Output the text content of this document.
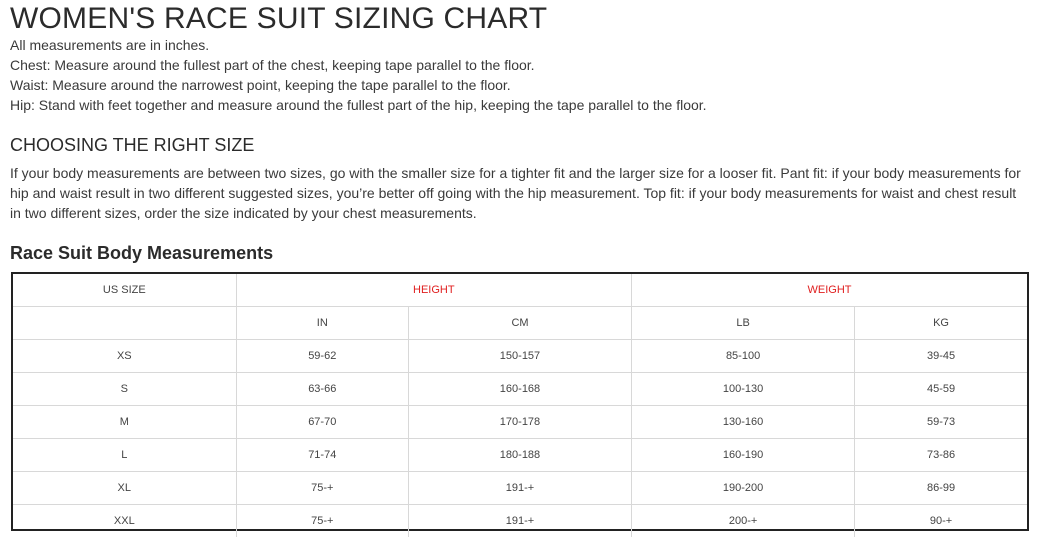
WOMEN'S RACE SUIT SIZING CHART
All measurements are in inches.
Chest: Measure around the fullest part of the chest, keeping tape parallel to the floor.
Waist: Measure around the narrowest point, keeping the tape parallel to the floor.
Hip: Stand with feet together and measure around the fullest part of the hip, keeping the tape parallel to the floor.
CHOOSING THE RIGHT SIZE

If your body measurements are between two sizes, go with the smaller size for a tighter fit and the larger size for a looser fit. Pant fit: if your body measurements for hip and waist result in two different suggested sizes, you’re better off going with the hip measurement. Top fit: if your body measurements for waist and chest result in two different sizes, order the size indicated by your chest measurements.

Race Suit Body Measurements
US SIZE	HEIGHT		WEIGHT	
	IN	CM	LB	KG
XS	59-62	150-157	85-100	39-45
S	63-66	160-168	100-130	45-59
M	67-70	170-178	130-160	59-73
L	71-74	180-188	160-190	73-86
XL	75-+	191-+	190-200	86-99
XXL	75-+	191-+	200-+	90-+
